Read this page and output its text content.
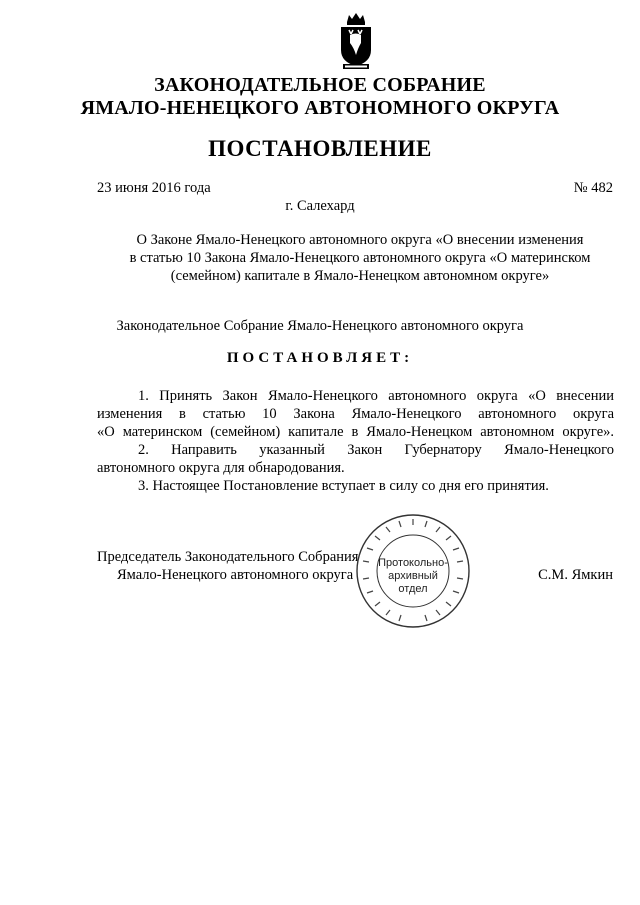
ЗАКОНОДАТЕЛЬНОЕ СОБРАНИЕ
ЯМАЛО-НЕНЕЦКОГО АВТОНОМНОГО ОКРУГА
ПОСТАНОВЛЕНИЕ
23 июня 2016 года	№ 482
г. Салехард
О Законе Ямало-Ненецкого автономного округа «О внесении изменения
в статью 10 Закона Ямало-Ненецкого автономного округа «О материнском
(семейном) капитале в Ямало-Ненецком автономном округе»
Законодательное Собрание Ямало-Ненецкого автономного округа
ПОСТАНОВЛЯЕТ:
1. Принять Закон Ямало-Ненецкого автономного округа «О внесении
изменения в статью 10 Закона Ямало-Ненецкого автономного округа
«О материнском (семейном) капитале в Ямало-Ненецком автономном округе».
2. Направить указанный Закон Губернатору Ямало-Ненецкого
автономного округа для обнародования.
3. Настоящее Постановление вступает в силу со дня его принятия.
Председатель Законодательного Собрания
Ямало-Ненецкого автономного округа	С.М. Ямкин
Протокольно-
архивный
отдел
